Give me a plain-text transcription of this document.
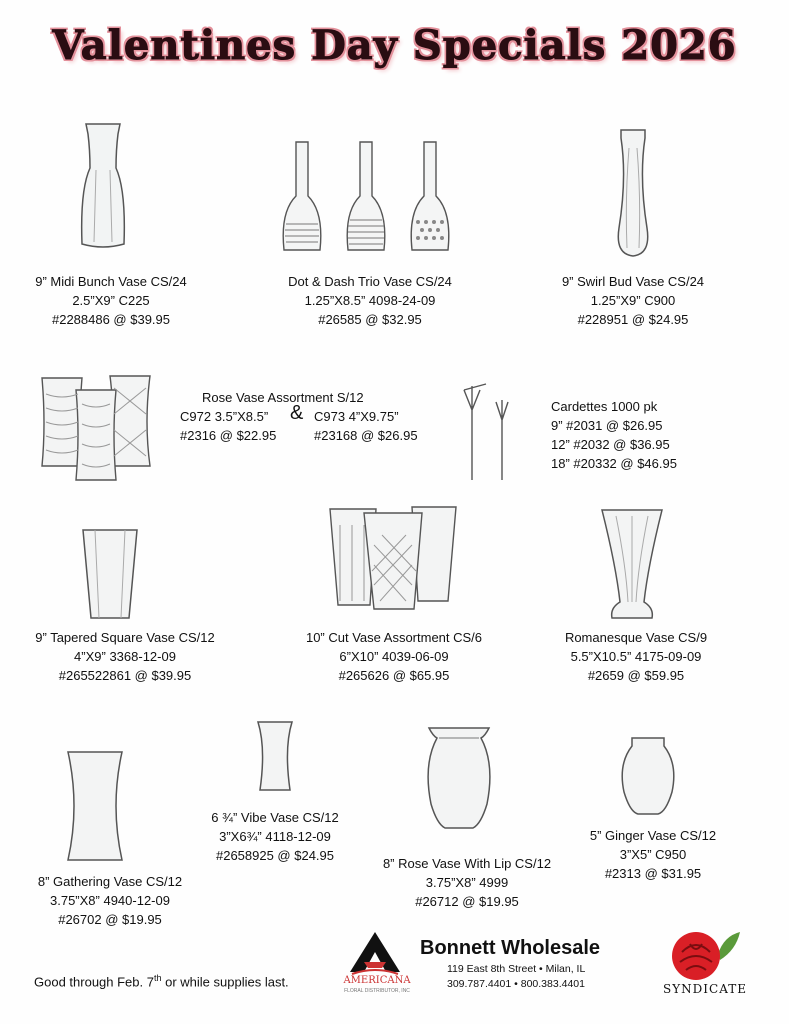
Valentines Day Specials 2026
9” Midi Bunch Vase CS/24
2.5”X9” C225
#2288486 @ $39.95
Dot & Dash Trio Vase CS/24
1.25”X8.5” 4098-24-09
#26585 @ $32.95
9” Swirl Bud Vase CS/24
1.25”X9” C900
#228951 @ $24.95
Rose Vase Assortment S/12
C972 3.5”X8.5”
#2316 @ $22.95
& C973 4”X9.75”
#23168 @ $26.95
Cardettes 1000 pk
9” #2031 @ $26.95
12” #2032 @ $36.95
18” #20332 @ $46.95
9” Tapered Square Vase CS/12
4”X9” 3368-12-09
#265522861 @ $39.95
10” Cut Vase Assortment CS/6
6”X10” 4039-06-09
#265626 @ $65.95
Romanesque Vase CS/9
5.5”X10.5” 4175-09-09
#2659 @ $59.95
6 ¾” Vibe Vase CS/12
3”X6¾” 4118-12-09
#2658925 @ $24.95
8” Gathering Vase CS/12
3.75”X8” 4940-12-09
#26702 @ $19.95
8” Rose Vase With Lip CS/12
3.75”X8” 4999
#26712 @ $19.95
5” Ginger Vase CS/12
3”X5” C950
#2313 @ $31.95
Good through Feb. 7th or while supplies last.	AMERICANA
FLORAL DISTRIBUTOR, INC
Bonnett Wholesale
119 East 8th Street • Milan, IL
309.787.4401 • 800.383.4401	SYNDICATE
